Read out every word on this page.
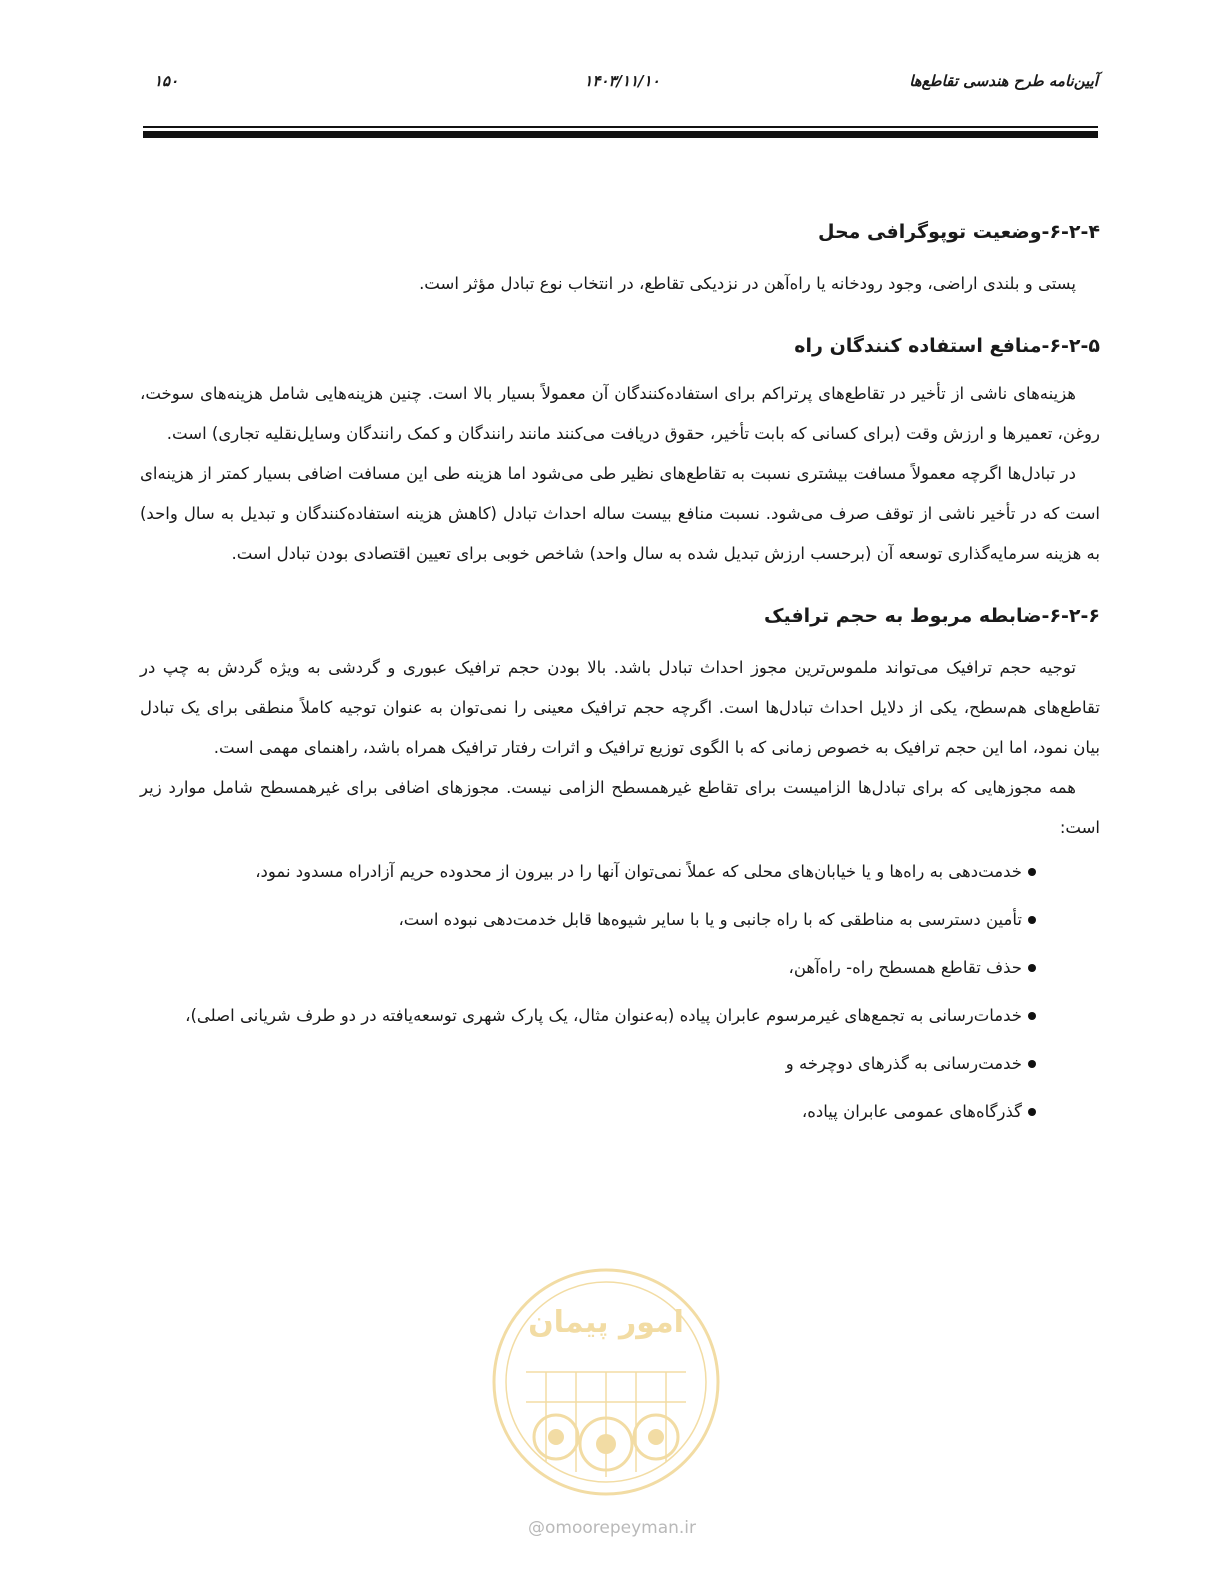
آیین‌نامه طرح هندسی تقاطع‌ها
۱۴۰۳/۱۱/۱۰
۱۵۰
۶-۲-۴-وضعیت توپوگرافی محل

پستی و بلندی اراضی، وجود رودخانه یا راه‌آهن در نزدیکی تقاطع، در انتخاب نوع تبادل مؤثر است.

۶-۲-۵-منافع استفاده کنندگان راه

هزینه‌های ناشی از تأخیر در تقاطع‌های پرتراکم برای استفاده‌کنندگان آن معمولاً بسیار بالا است. چنین هزینه‌هایی شامل هزینه‌های سوخت، روغن، تعمیرها و ارزش وقت (برای کسانی که بابت تأخیر، حقوق دریافت می‌کنند مانند رانندگان و کمک رانندگان وسایل‌نقلیه تجاری) است.

در تبادل‌ها اگرچه معمولاً مسافت بیشتری نسبت به تقاطع‌های نظیر طی می‌شود اما هزینه طی این مسافت اضافی بسیار کمتر از هزینه‌ای است که در تأخیر ناشی از توقف صرف می‌شود. نسبت منافع بیست ساله احداث تبادل (کاهش هزینه استفاده‌کنندگان و تبدیل به سال واحد) به هزینه سرمایه‌گذاری توسعه آن (برحسب ارزش تبدیل شده به سال واحد) شاخص خوبی برای تعیین اقتصادی بودن تبادل است.

۶-۲-۶-ضابطه مربوط به حجم ترافیک

توجیه حجم ترافیک می‌تواند ملموس‌ترین مجوز احداث تبادل باشد. بالا بودن حجم ترافیک عبوری و گردشی به ویژه گردش به چپ در تقاطع‌های هم‌سطح، یکی از دلایل احداث تبادل‌ها است. اگرچه حجم ترافیک معینی را نمی‌توان به عنوان توجیه کاملاً منطقی برای یک تبادل بیان نمود، اما این حجم ترافیک به خصوص زمانی که با الگوی توزیع ترافیک و اثرات رفتار ترافیک همراه باشد، راهنمای مهمی است.

همه مجوزهایی که برای تبادل‌ها الزامیست برای تقاطع غیرهمسطح الزامی نیست. مجوزهای اضافی برای غیرهمسطح شامل موارد زیر است:

خدمت‌دهی به راه‌ها و یا خیابان‌های محلی که عملاً نمی‌توان آنها را در بیرون از محدوده حریم آزادراه مسدود نمود،
تأمین دسترسی به مناطقی که با راه جانبی و یا با سایر شیوه‌ها قابل خدمت‌دهی نبوده است،
حذف تقاطع همسطح راه- راه‌آهن،
خدمات‌رسانی به تجمع‌های غیرمرسوم عابران پیاده (به‌عنوان مثال، یک پارک شهری توسعه‌یافته در دو طرف شریانی اصلی)،
خدمت‌رسانی به گذرهای دوچرخه و
گذرگاه‌های عمومی عابران پیاده،
امور پیمان
@omoorepeyman.ir
